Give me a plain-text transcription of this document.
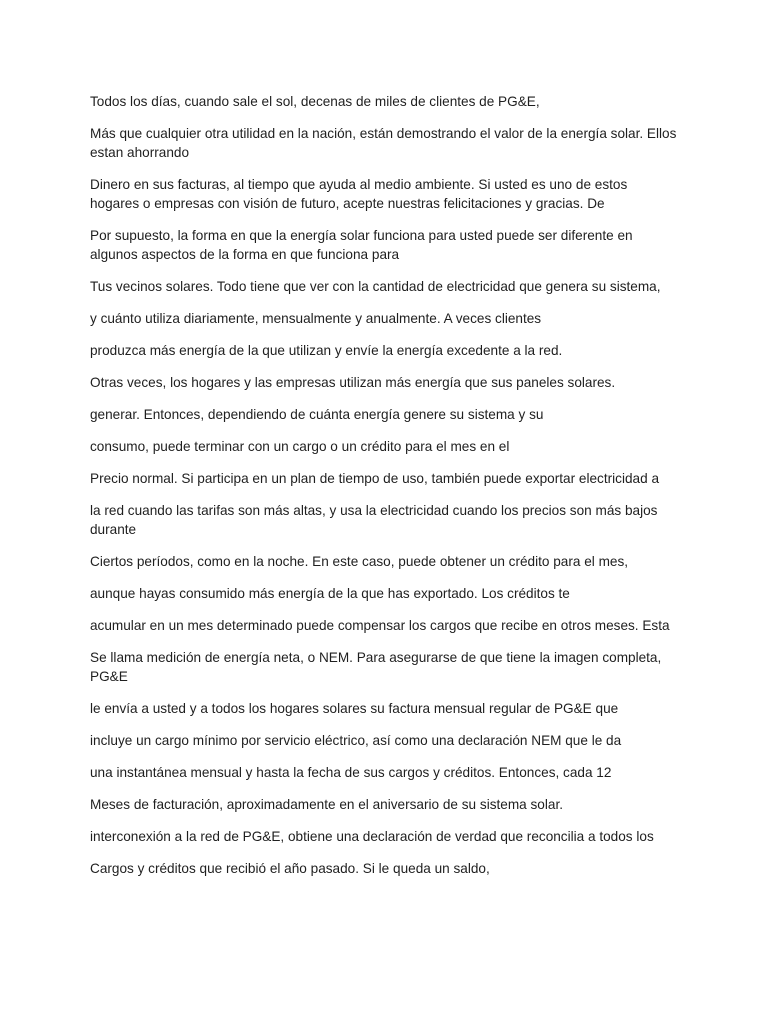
Todos los días, cuando sale el sol, decenas de miles de clientes de PG&E,

Más que cualquier otra utilidad en la nación, están demostrando el valor de la energía solar. Ellos estan ahorrando

Dinero en sus facturas, al tiempo que ayuda al medio ambiente. Si usted es uno de estos hogares o empresas con visión de futuro, acepte nuestras felicitaciones y gracias. De

Por supuesto, la forma en que la energía solar funciona para usted puede ser diferente en algunos aspectos de la forma en que funciona para

Tus vecinos solares. Todo tiene que ver con la cantidad de electricidad que genera su sistema,

y cuánto utiliza diariamente, mensualmente y anualmente. A veces clientes

produzca más energía de la que utilizan y envíe la energía excedente a la red.

Otras veces, los hogares y las empresas utilizan más energía que sus paneles solares.

generar. Entonces, dependiendo de cuánta energía genere su sistema y su

consumo, puede terminar con un cargo o un crédito para el mes en el

Precio normal. Si participa en un plan de tiempo de uso, también puede exportar electricidad a

la red cuando las tarifas son más altas, y usa la electricidad cuando los precios son más bajos durante

Ciertos períodos, como en la noche. En este caso, puede obtener un crédito para el mes,

aunque hayas consumido más energía de la que has exportado. Los créditos te

acumular en un mes determinado puede compensar los cargos que recibe en otros meses. Esta

Se llama medición de energía neta, o NEM. Para asegurarse de que tiene la imagen completa, PG&E

le envía a usted y a todos los hogares solares su factura mensual regular de PG&E que

incluye un cargo mínimo por servicio eléctrico, así como una declaración NEM que le da

una instantánea mensual y hasta la fecha de sus cargos y créditos. Entonces, cada 12

Meses de facturación, aproximadamente en el aniversario de su sistema solar.

interconexión a la red de PG&E, obtiene una declaración de verdad que reconcilia a todos los

Cargos y créditos que recibió el año pasado. Si le queda un saldo,
